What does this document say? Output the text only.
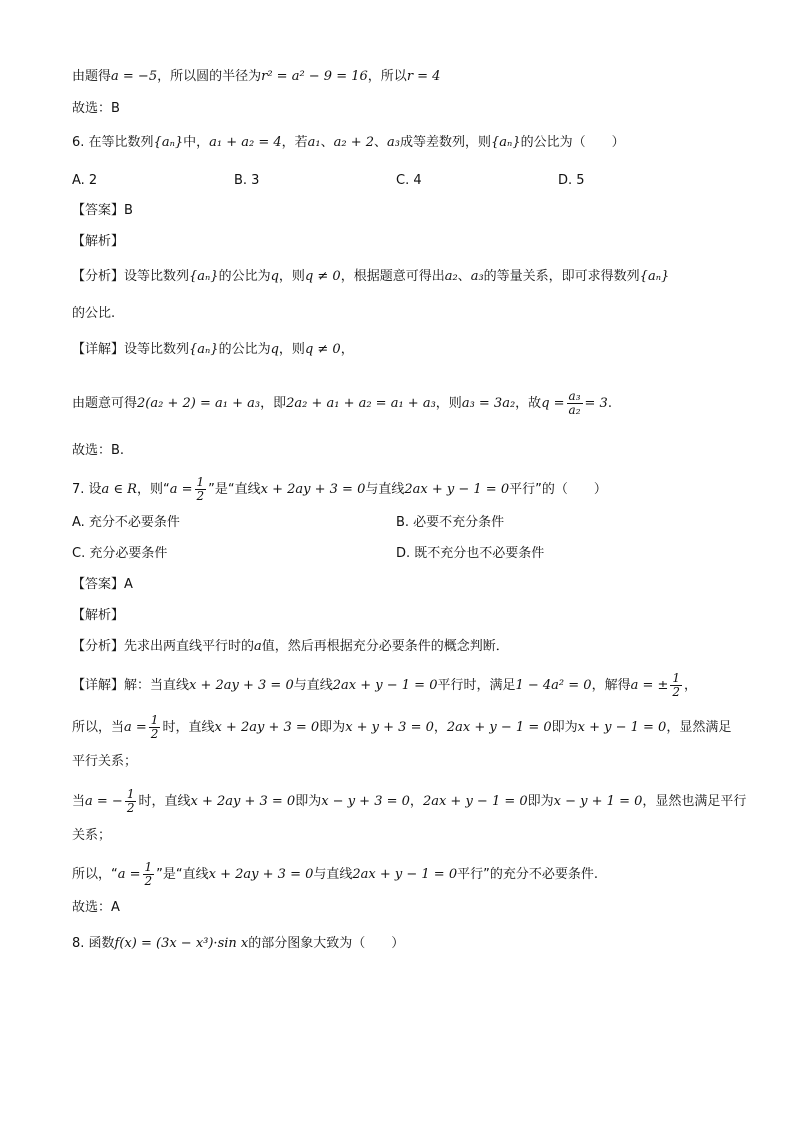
由题得a = −5，所以圆的半径为r² = a² − 9 = 16，所以r = 4
故选：B
6. 在等比数列{aₙ}中，a₁ + a₂ = 4，若a₁、a₂ + 2、a₃成等差数列，则{aₙ}的公比为（　　）
A. 2	B. 3	C. 4	D. 5
【答案】B
【解析】
【分析】设等比数列{aₙ}的公比为q，则q ≠ 0，根据题意可得出a₂、a₃的等量关系，即可求得数列{aₙ}
的公比.
【详解】设等比数列{aₙ}的公比为q，则q ≠ 0，
由题意可得2(a₂ + 2) = a₁ + a₃，即2a₂ + a₁ + a₂ = a₁ + a₃，则a₃ = 3a₂，故$q = \frac{\text{a₃}}{\text{a₂}} = 3$.
故选：B.
7. 设a ∈ R，则“$a = \frac{1}{2}$ ”是“直线x + 2ay + 3 = 0与直线2ax + y − 1 = 0平行”的（　　）
A. 充分不必要条件	B. 必要不充分条件
C. 充分必要条件	D. 既不充分也不必要条件
【答案】A
【解析】
【分析】先求出两直线平行时的a值，然后再根据充分必要条件的概念判断．
【详解】解：当直线x + 2ay + 3 = 0与直线2ax + y − 1 = 0平行时，满足1 − 4a² = 0，解得a = ± $\frac{1}{2}$ ，
所以，当$a = \frac{1}{2}$ 时，直线x + 2ay + 3 = 0即为x + y + 3 = 0，2ax + y − 1 = 0即为x + y − 1 = 0，显然满足
平行关系；
当a = − $\frac{1}{2}$ 时，直线x + 2ay + 3 = 0即为x − y + 3 = 0，2ax + y − 1 = 0即为x − y + 1 = 0，显然也满足平行
关系；
所以，“$a = \frac{1}{2}$ ”是“直线x + 2ay + 3 = 0与直线2ax + y − 1 = 0平行”的充分不必要条件.
故选：A
8. 函数f(x) = (3x − x³)·sin x的部分图象大致为（　　）
